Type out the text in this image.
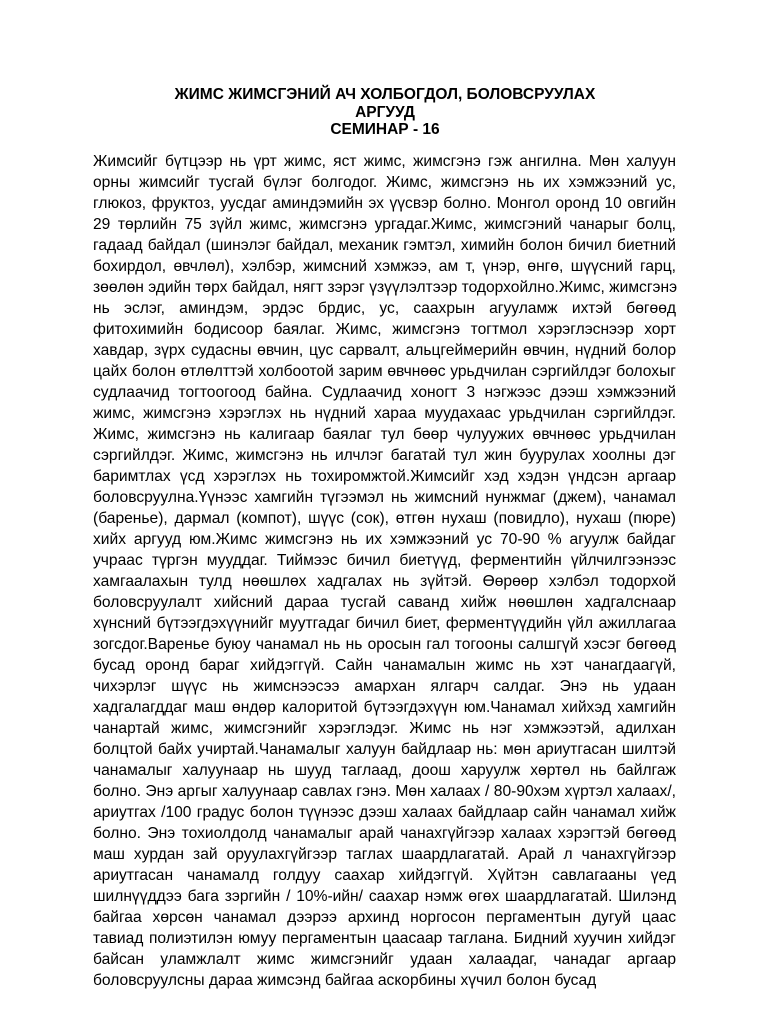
ЖИМС ЖИМСГЭНИЙ АЧ ХОЛБОГДОЛ, БОЛОВСРУУЛАХ
АРГУУД
СЕМИНАР - 16
Жимсийг бүтцээр нь үрт жимс, яст жимс, жимсгэнэ гэж ангилна. Мөн халуун
орны жимсийг тусгай бүлэг болгодог. Жимс, жимсгэнэ нь их хэмжээний ус,
глюкоз, фруктоз, уусдаг аминдэмийн эх үүсвэр болно. Монгол оронд 10 овгийн
29 төрлийн 75 зүйл жимс, жимсгэнэ ургадаг.Жимс, жимсгэний чанарыг болц,
гадаад байдал (шинэлэг байдал, механик гэмтэл, химийн болон бичил биетний
бохирдол, өвчлөл), хэлбэр, жимсний хэмжээ, ам т, үнэр, өнгө, шүүсний гарц,
зөөлөн эдийн төрх байдал, нягт зэрэг үзүүлэлтээр тодорхойлно.Жимс, жимсгэнэ
нь эслэг, аминдэм, эрдэс брдис, ус, саахрын агууламж ихтэй бөгөөд
фитохимийн бодисоор баялаг. Жимс, жимсгэнэ тогтмол хэрэглэснээр хорт
хавдар, зүрх судасны өвчин, цус сарвалт, альцгеймерийн өвчин, нүдний болор
цайх болон өтлөлттэй холбоотой зарим өвчнөөс урьдчилан сэргийлдэг болохыг
судлаачид тогтоогоод байна. Судлаачид хоногт 3 нэгжээс дээш хэмжээний
жимс, жимсгэнэ хэрэглэх нь нүдний хараа муудахаас урьдчилан сэргийлдэг.
Жимс, жимсгэнэ нь калигаар баялаг тул бөөр чулуужих өвчнөөс урьдчилан
сэргийлдэг. Жимс, жимсгэнэ нь илчлэг багатай тул жин буурулах хоолны дэг
баримтлах үсд хэрэглэх нь тохиромжтой.Жимсийг хэд хэдэн үндсэн аргаар
боловсруулна.Үүнээс хамгийн түгээмэл нь жимсний нунжмаг (джем), чанамал
(баренье), дармал (компот), шүүс (сок), өтгөн нухаш (повидло), нухаш (пюре)
хийх аргууд юм.Жимс жимсгэнэ нь их хэмжээний ус 70-90 % агуулж байдаг
учраас түргэн мууддаг. Тиймээс бичил биетүүд, ферментийн үйлчилгээнээс
хамгаалахын тулд нөөшлөх хадгалах нь зүйтэй. Өөрөөр хэлбэл тодорхой
боловсруулалт хийсний дараа тусгай саванд хийж нөөшлөн хадгалснаар
хүнсний бүтээгдэхүүнийг муутгадаг бичил биет, ферментүүдийн үйл ажиллагаа
зогсдог.Варенье буюу чанамал нь нь оросын гал тогооны салшгүй хэсэг бөгөөд
бусад оронд бараг хийдэггүй. Сайн чанамалын жимс нь хэт чанагдаагүй,
чихэрлэг шүүс нь жимснээсээ амархан ялгарч салдаг. Энэ нь удаан
хадгалагддаг маш өндөр калоритой бүтээгдэхүүн юм.Чанамал хийхэд хамгийн
чанартай жимс, жимсгэнийг хэрэглэдэг. Жимс нь нэг хэмжээтэй, адилхан
болцтой байх учиртай.Чанамалыг халуун байдлаар нь: мөн ариутгасан шилтэй
чанамалыг халуунаар нь шууд таглаад, доош харуулж хөртөл нь байлгаж
болно. Энэ аргыг халуунаар савлах гэнэ. Мөн халаах / 80-90хэм хүртэл халаах/,
ариутгах /100 градус болон түүнээс дээш халаах байдлаар сайн чанамал хийж
болно. Энэ тохиолдолд чанамалыг арай чанахгүйгээр халаах хэрэгтэй бөгөөд
маш хурдан зай оруулахгүйгээр таглах шаардлагатай. Арай л чанахгүйгээр
ариутгасан чанамалд голдуу саахар хийдэггүй. Хүйтэн савлагааны үед
шилнүүддээ бага зэргийн / 10%-ийн/ саахар нэмж өгөх шаардлагатай. Шилэнд
байгаа хөрсөн чанамал дээрээ архинд норгосон пергаментын дугуй цаас
тавиад полиэтилэн юмуу пергаментын цаасаар таглана. Бидний хуучин хийдэг
байсан уламжлалт жимс жимсгэнийг удаан халаадаг, чанадаг аргаар
боловсруулсны дараа жимсэнд байгаа аскорбины хүчил болон бусад
